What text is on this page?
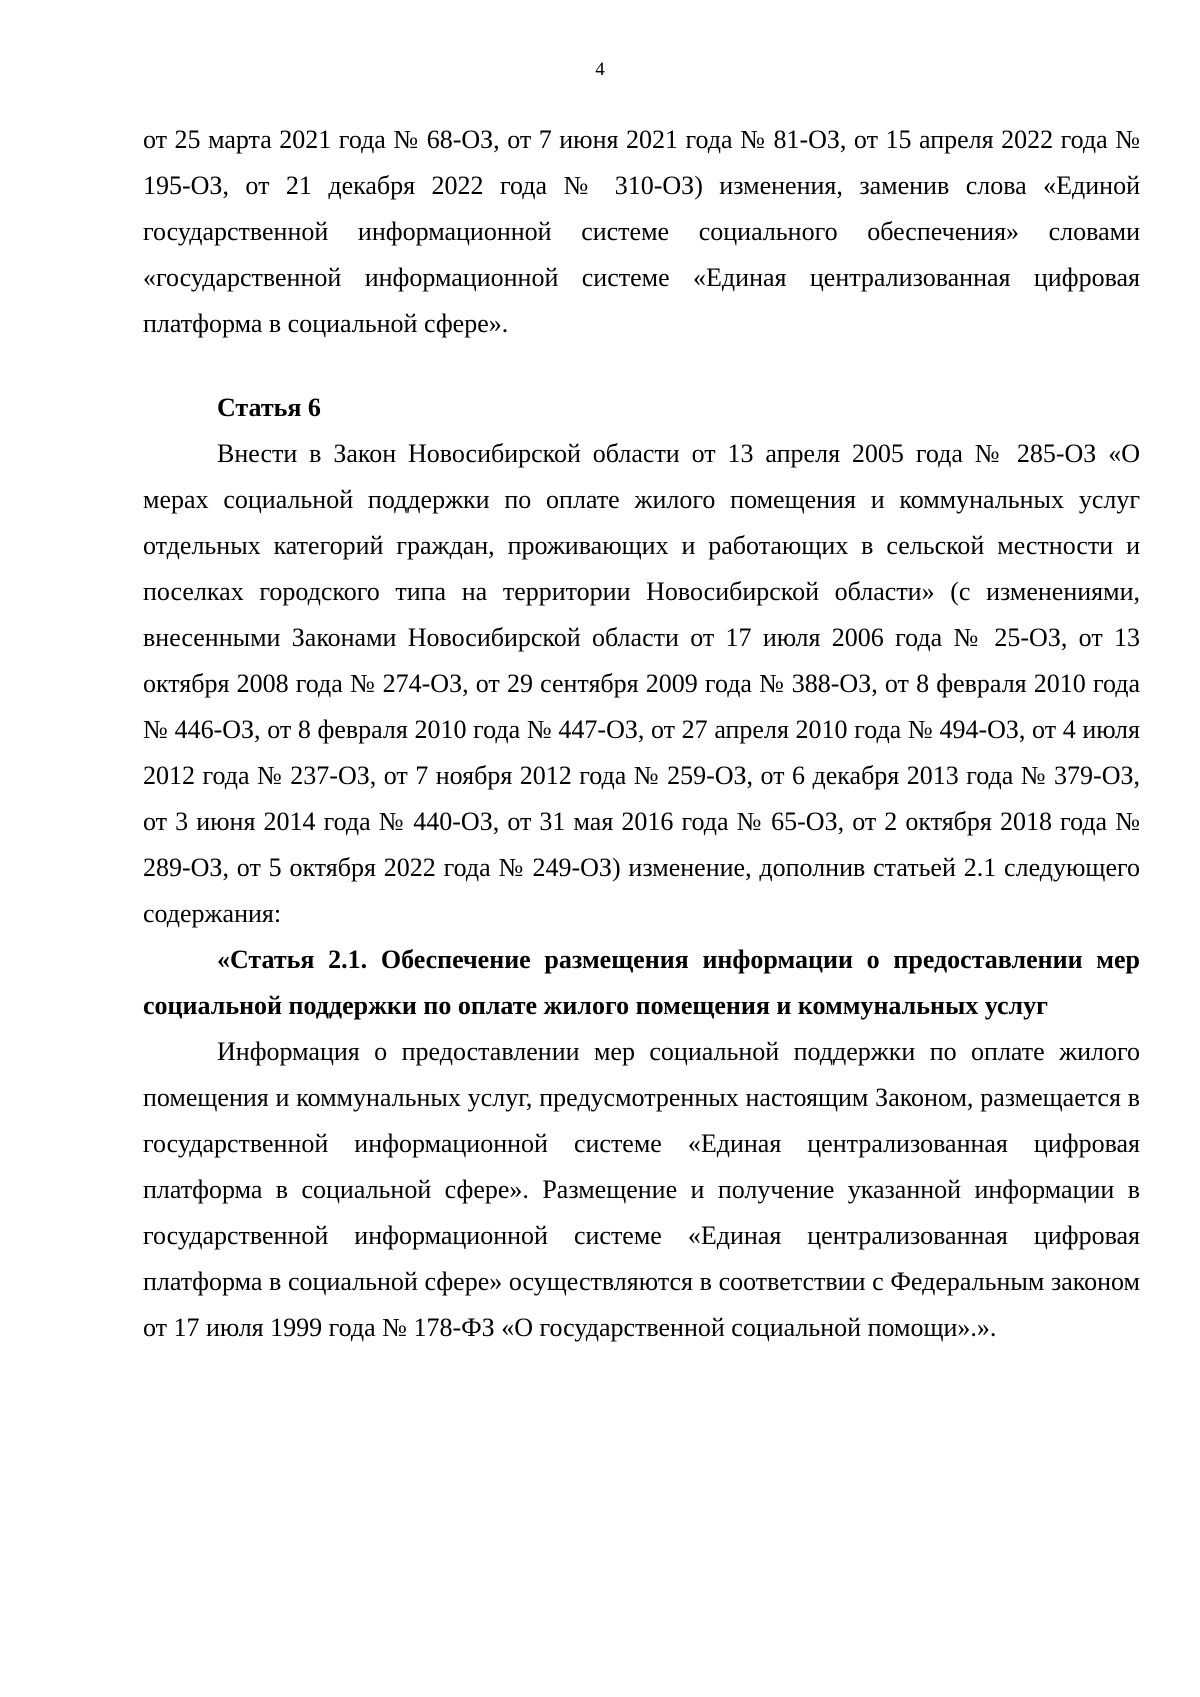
4

от 25 марта 2021 года № 68-ОЗ, от 7 июня 2021 года № 81-ОЗ, от 15 апреля 2022 года № 195-ОЗ, от 21 декабря 2022 года № 310-ОЗ) изменения, заменив слова «Единой государственной информационной системе социального обеспечения» словами «государственной информационной системе «Единая централизованная цифровая платформа в социальной сфере».

Статья 6

Внести в Закон Новосибирской области от 13 апреля 2005 года № 285-ОЗ «О мерах социальной поддержки по оплате жилого помещения и коммунальных услуг отдельных категорий граждан, проживающих и работающих в сельской местности и поселках городского типа на территории Новосибирской области» (с изменениями, внесенными Законами Новосибирской области от 17 июля 2006 года № 25-ОЗ, от 13 октября 2008 года № 274-ОЗ, от 29 сентября 2009 года № 388-ОЗ, от 8 февраля 2010 года № 446-ОЗ, от 8 февраля 2010 года № 447-ОЗ, от 27 апреля 2010 года № 494-ОЗ, от 4 июля 2012 года № 237-ОЗ, от 7 ноября 2012 года № 259-ОЗ, от 6 декабря 2013 года № 379-ОЗ, от 3 июня 2014 года № 440-ОЗ, от 31 мая 2016 года № 65-ОЗ, от 2 октября 2018 года № 289-ОЗ, от 5 октября 2022 года № 249-ОЗ) изменение, дополнив статьей 2.1 следующего содержания:

«Статья 2.1. Обеспечение размещения информации о предоставлении мер социальной поддержки по оплате жилого помещения и коммунальных услуг

Информация о предоставлении мер социальной поддержки по оплате жилого помещения и коммунальных услуг, предусмотренных настоящим Законом, размещается в государственной информационной системе «Единая централизованная цифровая платформа в социальной сфере». Размещение и получение указанной информации в государственной информационной системе «Единая централизованная цифровая платформа в социальной сфере» осуществляются в соответствии с Федеральным законом от 17 июля 1999 года № 178-ФЗ «О государственной социальной помощи».».
